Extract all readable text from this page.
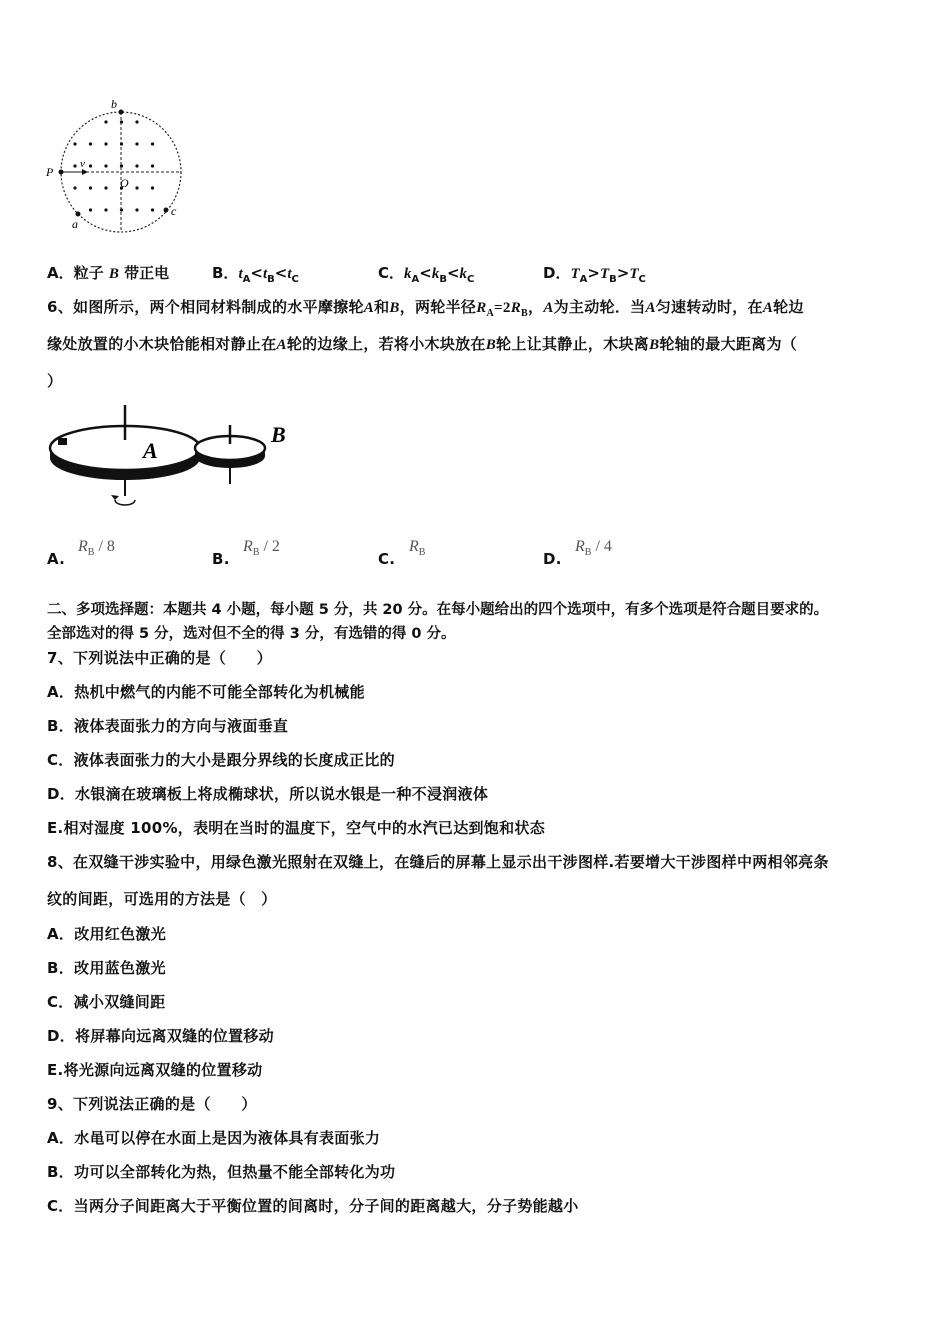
b
P
v
O
a
c
A．粒子 B 带正电	B．$t_A<t_B<t_C$	C．$k_A<k_B<k_C$	D．$T_A>T_B>T_C$
6、如图所示，两个相同材料制成的水平摩擦轮A和B，两轮半径$R_A=2R_B$，A为主动轮．当A匀速转动时，在A轮边
缘处放置的小木块恰能相对静止在A轮的边缘上，若将小木块放在B轮上让其静止，木块离B轮轴的最大距离为（
）
A
B
A.
$R_B / 8$
B.
$R_B / 2$
C.
$R_B$	D.
$R_B / 4$
二、多项选择题：本题共 4 小题，每小题 5 分，共 20 分。在每小题给出的四个选项中，有多个选项是符合题目要求的。
全部选对的得 5 分，选对但不全的得 3 分，有选错的得 0 分。
7、下列说法中正确的是（　　）
A．热机中燃气的内能不可能全部转化为机械能
B．液体表面张力的方向与液面垂直
C．液体表面张力的大小是跟分界线的长度成正比的
D．水银滴在玻璃板上将成椭球状，所以说水银是一种不浸润液体
E.相对湿度 100%，表明在当时的温度下，空气中的水汽已达到饱和状态
8、在双缝干涉实验中，用绿色激光照射在双缝上，在缝后的屏幕上显示出干涉图样.若要增大干涉图样中两相邻亮条
纹的间距，可选用的方法是（　）
A．改用红色激光
B．改用蓝色激光
C．减小双缝间距
D．将屏幕向远离双缝的位置移动
E.将光源向远离双缝的位置移动
9、下列说法正确的是（　　）
A．水黾可以停在水面上是因为液体具有表面张力
B．功可以全部转化为热，但热量不能全部转化为功
C．当两分子间距离大于平衡位置的间离时，分子间的距离越大，分子势能越小
